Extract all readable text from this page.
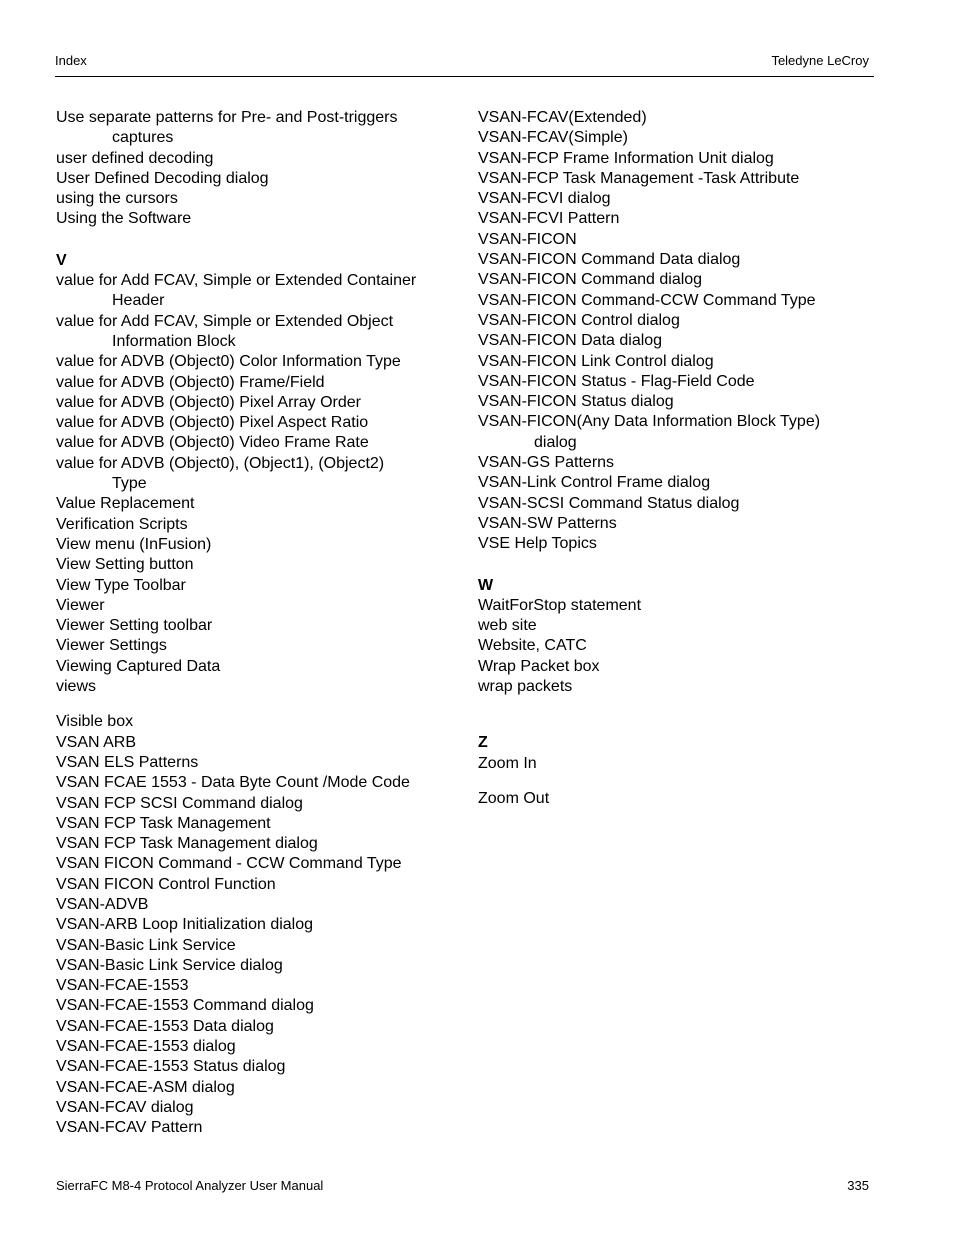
Index	Teledyne LeCroy
Use separate patterns for Pre- and Post-triggers
captures
user defined decoding
User Defined Decoding dialog
using the cursors
Using the Software
V
value for Add FCAV, Simple or Extended Container
Header
value for Add FCAV, Simple or Extended Object
Information Block
value for ADVB (Object0) Color Information Type
value for ADVB (Object0) Frame/Field
value for ADVB (Object0) Pixel Array Order
value for ADVB (Object0) Pixel Aspect Ratio
value for ADVB (Object0) Video Frame Rate
value for ADVB (Object0), (Object1), (Object2)
Type
Value Replacement
Verification Scripts
View menu (InFusion)
View Setting button
View Type Toolbar
Viewer
Viewer Setting toolbar
Viewer Settings
Viewing Captured Data
views
Visible box
VSAN ARB
VSAN ELS Patterns
VSAN FCAE 1553 - Data Byte Count /Mode Code
VSAN FCP SCSI Command dialog
VSAN FCP Task Management
VSAN FCP Task Management dialog
VSAN FICON Command - CCW Command Type
VSAN FICON Control Function
VSAN-ADVB
VSAN-ARB Loop Initialization dialog
VSAN-Basic Link Service
VSAN-Basic Link Service dialog
VSAN-FCAE-1553
VSAN-FCAE-1553 Command dialog
VSAN-FCAE-1553 Data dialog
VSAN-FCAE-1553 dialog
VSAN-FCAE-1553 Status dialog
VSAN-FCAE-ASM dialog
VSAN-FCAV dialog
VSAN-FCAV Pattern
VSAN-FCAV(Extended)
VSAN-FCAV(Simple)
VSAN-FCP Frame Information Unit dialog
VSAN-FCP Task Management -Task Attribute
VSAN-FCVI dialog
VSAN-FCVI Pattern
VSAN-FICON
VSAN-FICON Command Data dialog
VSAN-FICON Command dialog
VSAN-FICON Command-CCW Command Type
VSAN-FICON Control dialog
VSAN-FICON Data dialog
VSAN-FICON Link Control dialog
VSAN-FICON Status - Flag-Field Code
VSAN-FICON Status dialog
VSAN-FICON(Any Data Information Block Type)
dialog
VSAN-GS Patterns
VSAN-Link Control Frame dialog
VSAN-SCSI Command Status dialog
VSAN-SW Patterns
VSE Help Topics
W
WaitForStop statement
web site
Website, CATC
Wrap Packet box
wrap packets
Z
Zoom In
Zoom Out
SierraFC M8-4 Protocol Analyzer User Manual	335
